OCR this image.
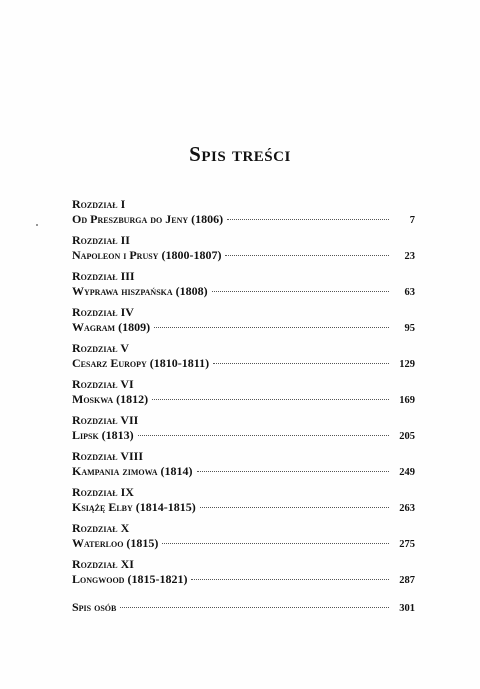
Spis treści
Rozdział I
Od Preszburga do Jeny (1806)	7
Rozdział II
Napoleon i Prusy (1800-1807)	23
Rozdział III
Wyprawa hiszpańska (1808)	63
Rozdział IV
Wagram (1809)	95
Rozdział V
Cesarz Europy (1810-1811)	129
Rozdział VI
Moskwa (1812)	169
Rozdział VII
Lipsk (1813)	205
Rozdział VIII
Kampania zimowa (1814)	249
Rozdział IX
Książę Elby (1814-1815)	263
Rozdział X
Waterloo (1815)	275
Rozdział XI
Longwood (1815-1821)	287
Spis osób	301
